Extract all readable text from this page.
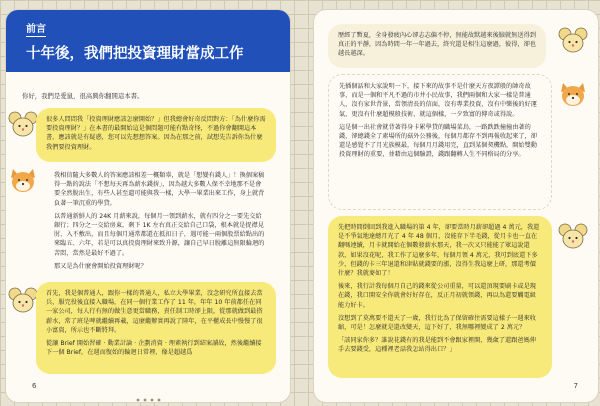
前言
十年後，我們把投資理財當成工作
你好，我們是愛鼠，很高興你翻開這本書。

很多人問問我「投資理財應該怎麼開始？」但我總會好奇反問對方：「為什麼你需要投資理財？」在本書的最開始這是個問題可能有點奇怪，不過你會翻開這本書，應該就是有疑惑，您可以先想想答案。因為在那之前，試想先告訴你為什麼我們要投資理財。

我相信隨大多數人的答案應該相差一概類辜，就是「想變有錢人」！換個案稿得一點的說法「不想每天再為薪水錢拚」，因為越大多數人保不幸地那不是會要全然脫出生，有些人甚至遺可能與我一樣，大學一畢業出來工作，身上就背負著一筆沉重的學貸。

以普通新鮮人的 24K 月薪來說，每個月一領到薪水，就有四分之一要先交給銀行；四分之一交給房東，剩下 1K 左右真正交給自己口袋，根本就是捉襟見肘、入不敷出，而且每個月通常都還在抵扣日子，遇可能一兩個股票給點出的來臨五、六年，若是可以真投資理財來致升源，讓自己早日脫離這無限輪迴的苦悶，當然是最好不過了。

那又是為什麼會開始投資理財呢？

首先，我是個普通人，跟你一樣的普通人，私立大學畢業，沒念研究所直接去當兵，服完役後直接入職場，在同一個行業工作了 11 年，年年 10 年前都任在同一家公司，每人行有無的做生意更當職務，責任制工時卻上限，從那就做到最搭薪水，常了班是啤就繼續再載，這麼繼辦實再說了陸年，在平櫃成長中慢慢了很小富資，所示也不斷將拜。

從讓 Brief 開始習確 · 動業計論 · 企劃消資 · 理素執行到結案讀故，然後繼續接下一個 Brief，在週而復始的輪迴日常裡，像是超越爲

6

歷經了暫夏，全身發疲內心卻志志偏不停，無能故默越來後臉就無送得到真正的平靜，因為時間一年一年過去，終究還是相生這麼過，彼得，卻也越長越深。

先插個話和大家說明一下，接下來的故事不是什麼天方夜譚般的帥奇故事，而是一個和平凡不過的市井小民故事，我們兩個和大家一樣是普通人，沒有家世背景，當領清長的信面，沒有專業投資，沒有中樂後的好運氣，更沒有什麼超模般技術，就這個樣，一夕致富的傳奇或得說。

這是個一出社會就背著得身卡累學貸的職場菜鳥，一路跌跌撞撞由著的錢，卻總錢全了素場所的菇外公務後，每個月都存不到再報收起來了，卻還是感覺不了月光族模最，每個月月錢用完，直到某個契機點，開始雙動投資理財的重要，並藉由這個驗證，錢跟翻轉人生不同格局的分享。

先把時間倒回到我進入職場的第 4 年，卻要當時月薪卻超過 4 萬元，我還是不爭氣地達總月光了 4 年 48 個月，沒能存下半毛錢，從月卡也一直在翻嗎連續，月卡就開始在個數發薪水那天，我一次又只能能了眾這說還款，如果沒花呢，我工作了這麼多年，每個月領 4 萬元，我可到底還下多少，但錢的卡三年退還和津貼就錢要的漲，沒得生我這麼上研，那還考價什麼？我就麥如了！

後來，我行計我每個月自己的錢來從公司重量，可以還頂現要刷卡或是現在錢，我口開安全你就會好好存在，反正月初就領錢，再以為還要觸電級能力好卡。

沒想到了莫萬要不還天了一歲，我行比為了保留確住需要這樣子一週來收縮，可是！怎麼就是還改變天，這下好了，我無哪裡變成了 2 萬元？

「該同家你多？誰說花錢有的我是能到不會跟家裡開，幾歲了還跟爸媽伸手去要錢受，這種裡老話我怎站得出口？」

7
